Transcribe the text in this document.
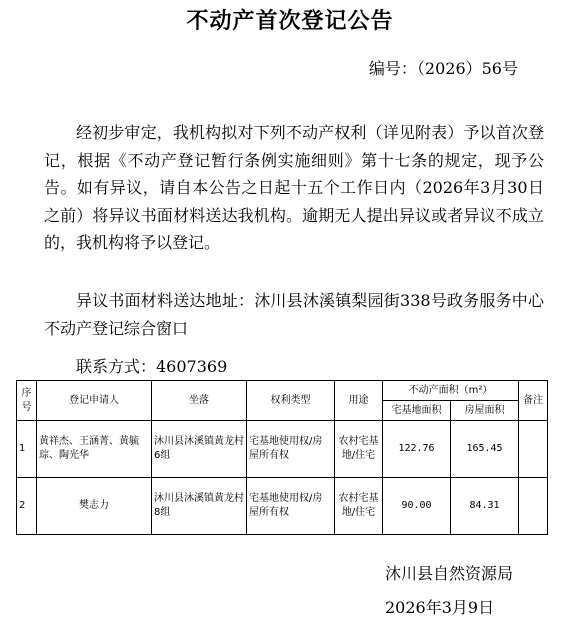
不动产首次登记公告
编号：（2026）56号

经初步审定，我机构拟对下列不动产权利（详见附表）予以首次登记，根据《不动产登记暂行条例实施细则》第十七条的规定，现予公告。如有异议，请自本公告之日起十五个工作日内（2026年3月30日之前）将异议书面材料送达我机构。逾期无人提出异议或者异议不成立的，我机构将予以登记。

异议书面材料送达地址：沐川县沐溪镇梨园街338号政务服务中心不动产登记综合窗口

联系方式：4607369
序号	登记申请人	坐落	权利类型	用途	不动产面积（m²）		备注
					宅基地面积	房屋面积	
1	黄祥杰、王涵菁、黄毓琮、陶光华	沐川县沐溪镇黄龙村6组	宅基地使用权/房屋所有权	农村宅基地/住宅	122.76	165.45	
2	樊志力	沐川县沐溪镇黄龙村8组	宅基地使用权/房屋所有权	农村宅基地/住宅	90.00	84.31	
沐川县自然资源局
2026年3月9日
